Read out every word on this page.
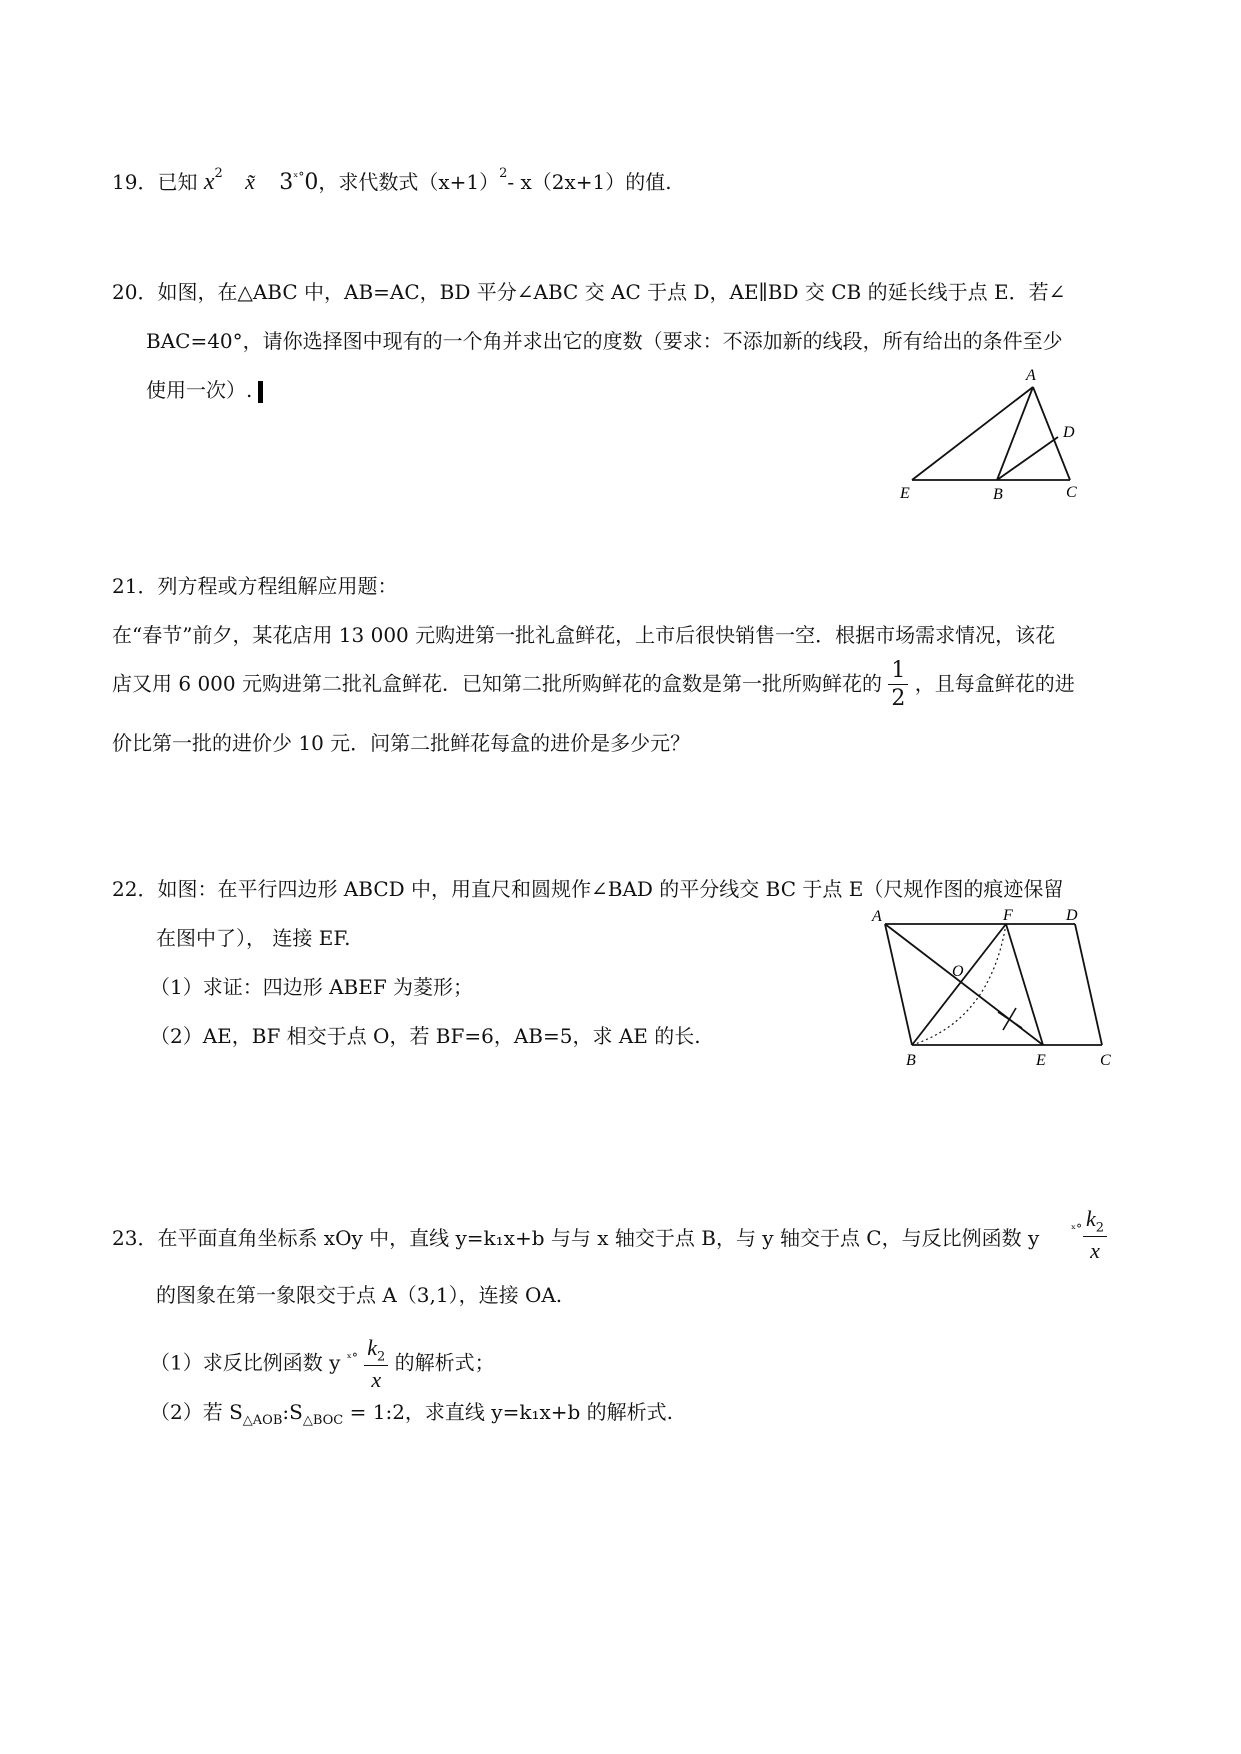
19．已知 $x^2$ x̃ $3^{ˣ^\circ}0$，求代数式$(x+1)^2-$ x（2x+1）的值.
20．如图，在△ABC 中，AB=AC，BD 平分∠ABC 交 AC 于点 D，AE∥BD 交 CB 的延长线于点 E．若∠
BAC=40°，请你选择图中现有的一个角并求出它的度数（要求：不添加新的线段，所有给出的条件至少
使用一次）.
A
D
E	B	C
21．列方程或方程组解应用题：
在“春节”前夕，某花店用 13 000 元购进第一批礼盒鲜花，上市后很快销售一空．根据市场需求情况，该花
店又用 6 000 元购进第二批礼盒鲜花．已知第二批所购鲜花的盒数是第一批所购鲜花的 $\frac{1}{2}$ ，且每盒鲜花的进
价比第一批的进价少 10 元．问第二批鲜花每盒的进价是多少元？
22．如图：在平行四边形 ABCD 中，用直尺和圆规作∠BAD 的平分线交 BC 于点 E（尺规作图的痕迹保留
在图中了）， 连接 EF.
（1）求证：四边形 ABEF 为菱形；
（2）AE，BF 相交于点 O，若 BF=6，AB=5，求 AE 的长.
A	F	D
O
B	E	C
23．在平面直角坐标系 xOy 中，直线 y=k₁x+b 与与 x 轴交于点 B，与 y 轴交于点 C，与反比例函数 y	ˣ° $\frac{k_2}{x}$
的图象在第一象限交于点 A（3,1），连接 OA.
（1）求反比例函数 y $^{ˣ^\circ} \frac{k_2}{x}$ 的解析式；
（2）若 $S_{\triangle AOB}:S_{\triangle BOC}$ = 1:2，求直线 y=k₁x+b 的解析式.
